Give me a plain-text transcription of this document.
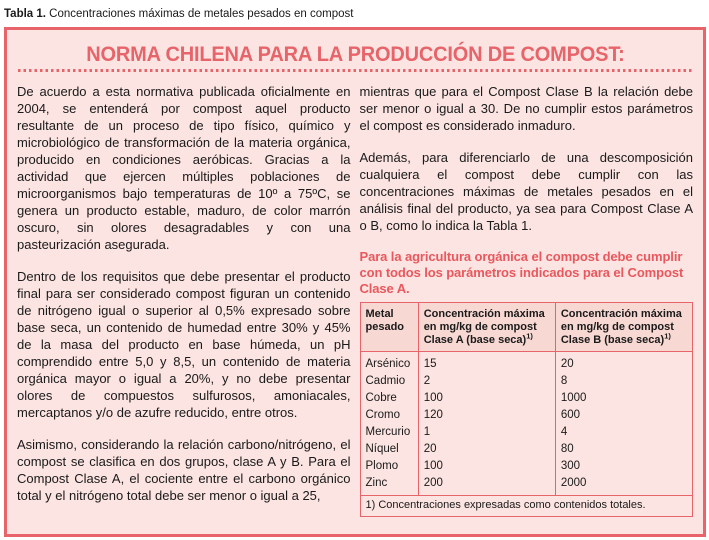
Tabla 1. Concentraciones máximas de metales pesados en compost
NORMA CHILENA PARA LA PRODUCCIÓN DE COMPOST:

De acuerdo a esta normativa publicada oficialmente en 2004, se entenderá por compost aquel producto resultante de un proceso de tipo físico, químico y microbiológico de transformación de la materia orgánica, producido en condiciones aeróbicas. Gracias a la actividad que ejercen múltiples poblaciones de microorganismos bajo temperaturas de 10º a 75ºC, se genera un producto estable, maduro, de color marrón oscuro, sin olores desagradables y con una pasteurización asegurada.

Dentro de los requisitos que debe presentar el producto final para ser considerado compost figuran un contenido de nitrógeno igual o superior al 0,5% expresado sobre base seca, un contenido de humedad entre 30% y 45% de la masa del producto en base húmeda, un pH comprendido entre 5,0 y 8,5, un contenido de materia orgánica mayor o igual a 20%, y no debe presentar olores de compuestos sulfurosos, amoniacales, mercaptanos y/o de azufre reducido, entre otros.

Asimismo, considerando la relación carbono/nitrógeno, el compost se clasifica en dos grupos, clase A y B. Para el Compost Clase A, el cociente entre el carbono orgánico total y el nitrógeno total debe ser menor o igual a 25,

mientras que para el Compost Clase B la relación debe ser menor o igual a 30. De no cumplir estos parámetros el compost es considerado inmaduro.

Además, para diferenciarlo de una descomposición cualquiera el compost debe cumplir con las concentraciones máximas de metales pesados en el análisis final del producto, ya sea para Compost Clase A o B, como lo indica la Tabla 1.

Para la agricultura orgánica el compost debe cumplir con todos los parámetros indicados para el Compost Clase A.

Metal pesado	Concentración máxima en mg/kg de compost Clase A (base seca)$^{1)}$	Concentración máxima en mg/kg de compost Clase B (base seca)$^{1)}$
Arsénico	15	20
Cadmio	2	8
Cobre	100	1000
Cromo	120	600
Mercurio	1	4
Níquel	20	80
Plomo	100	300
Zinc	200	2000
1) Concentraciones expresadas como contenidos totales.		
